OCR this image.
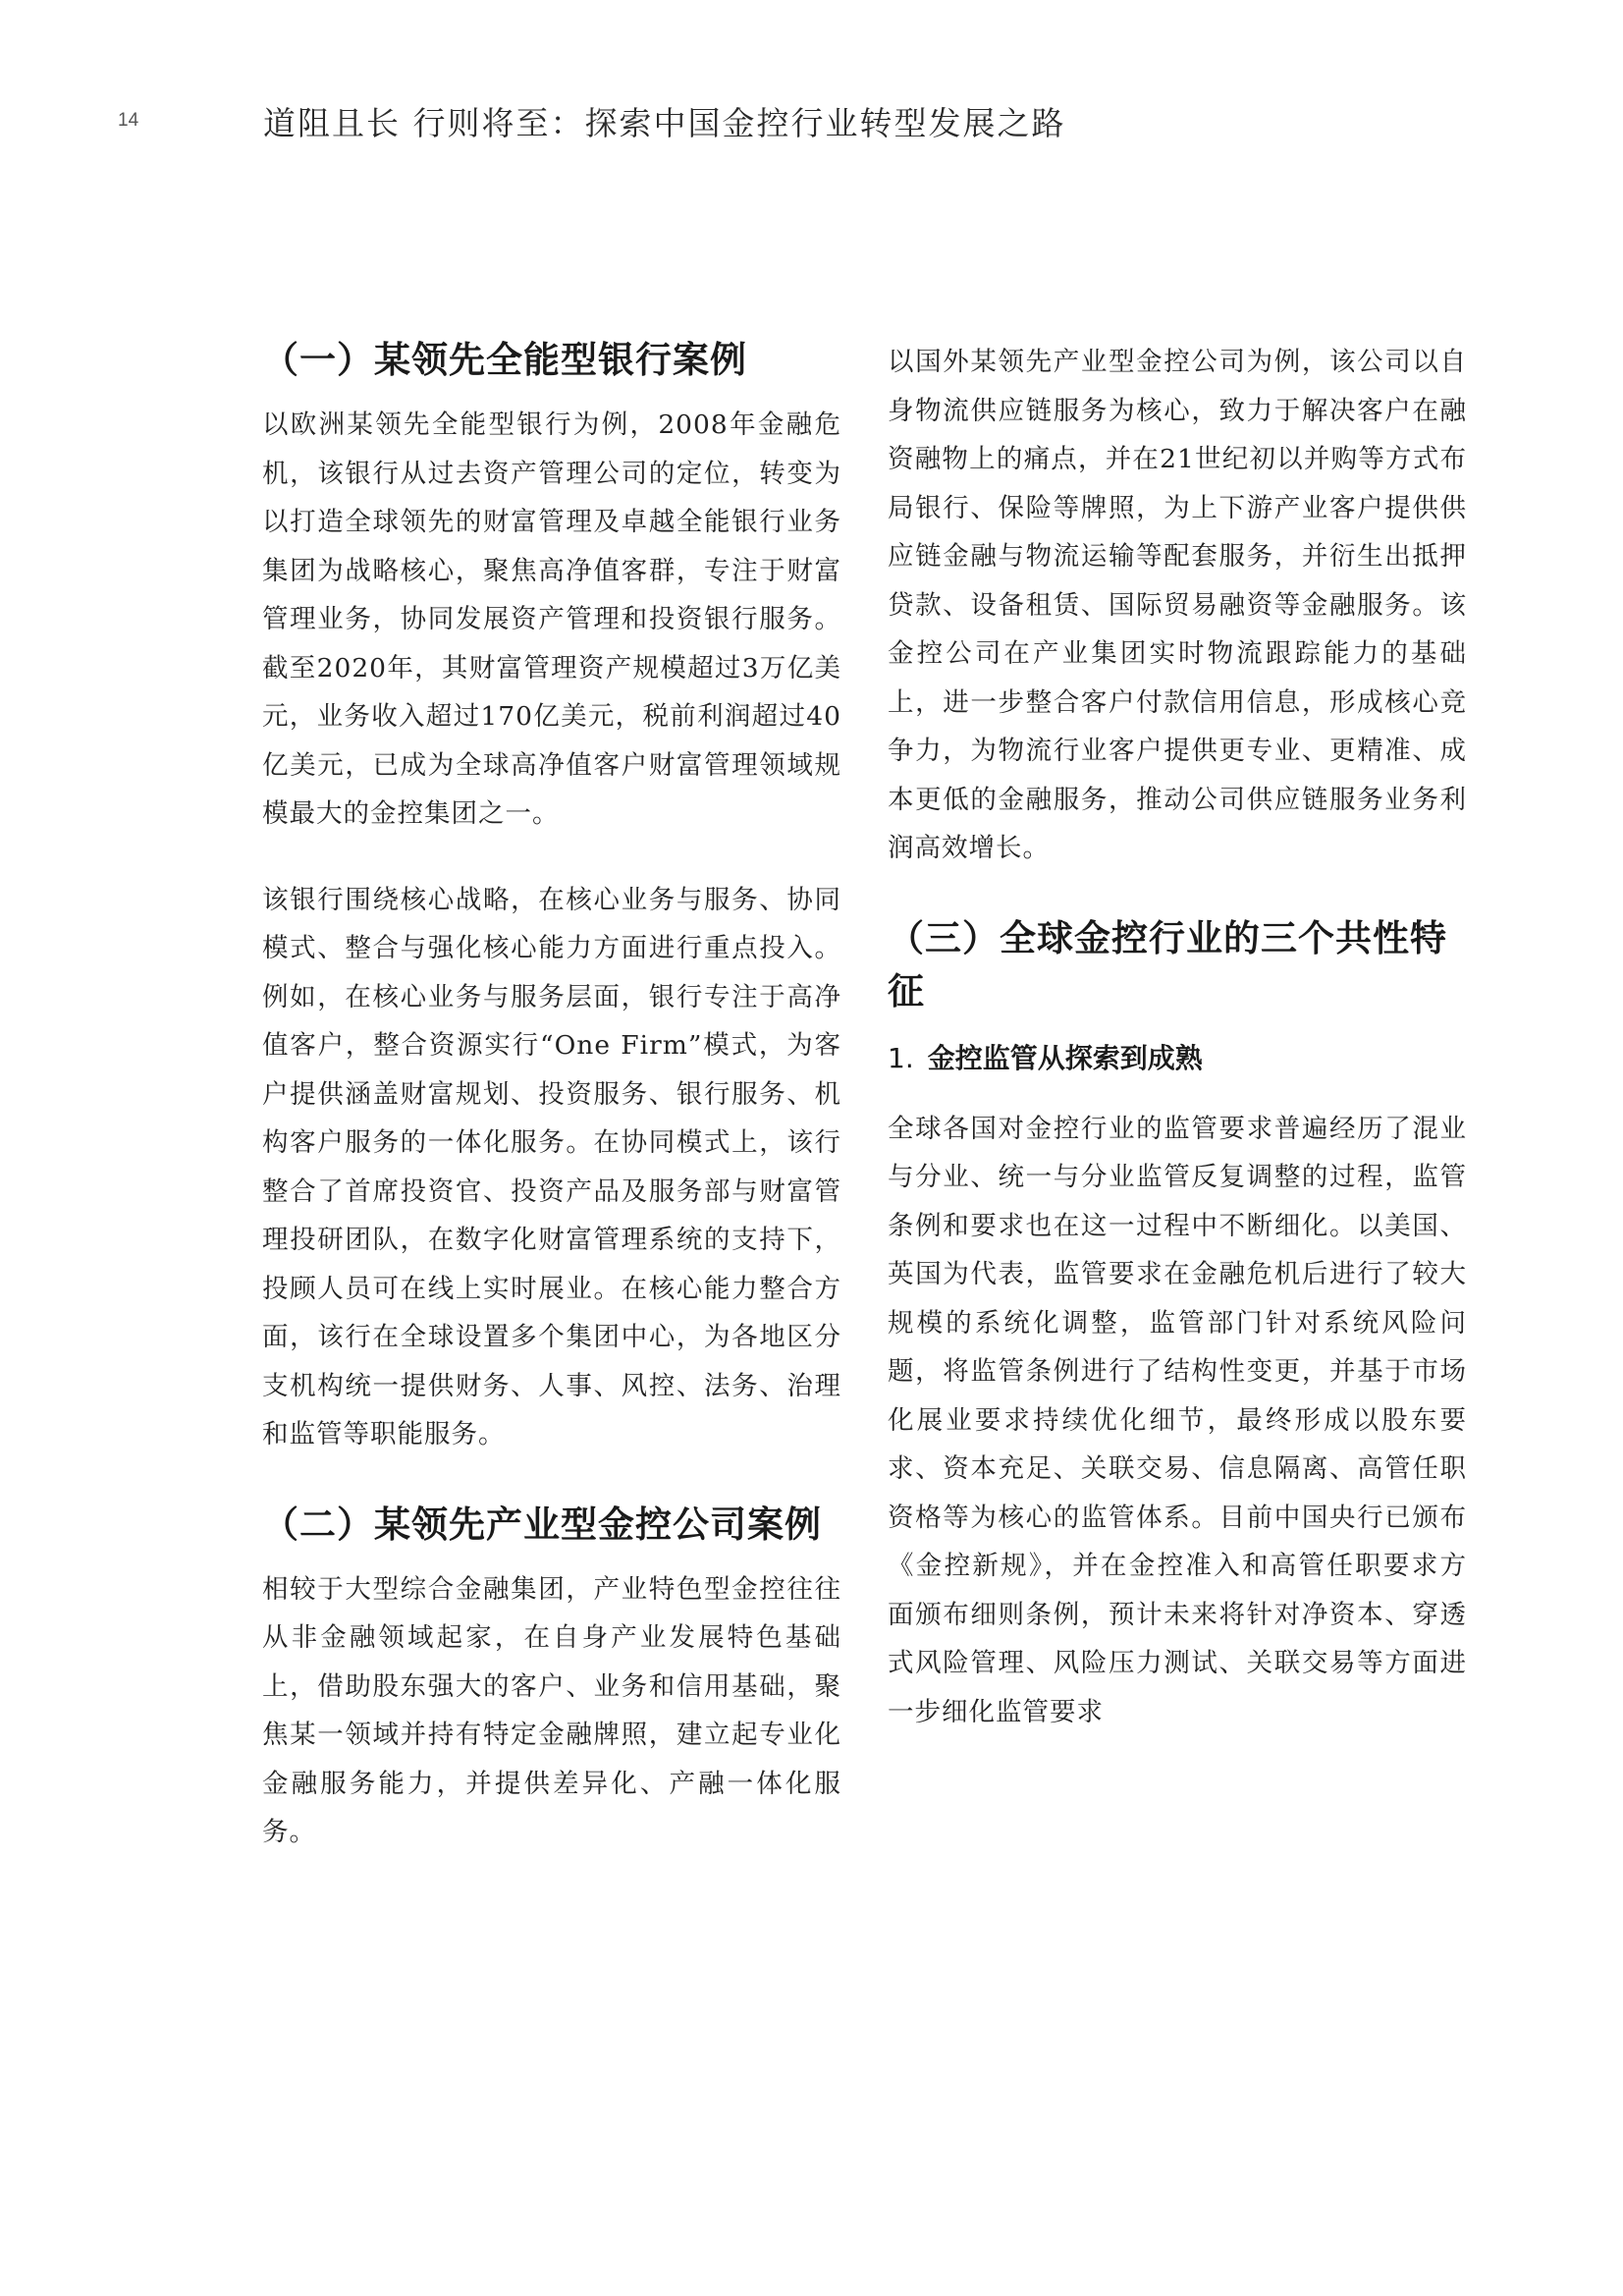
14	道阻且长 行则将至：探索中国金控行业转型发展之路
（一）某领先全能型银行案例

以欧洲某领先全能型银行为例，2008年金融危机，该银行从过去资产管理公司的定位，转变为以打造全球领先的财富管理及卓越全能银行业务集团为战略核心，聚焦高净值客群，专注于财富管理业务，协同发展资产管理和投资银行服务。截至2020年，其财富管理资产规模超过3万亿美元，业务收入超过170亿美元，税前利润超过40亿美元，已成为全球高净值客户财富管理领域规模最大的金控集团之一。

该银行围绕核心战略，在核心业务与服务、协同模式、整合与强化核心能力方面进行重点投入。例如，在核心业务与服务层面，银行专注于高净值客户，整合资源实行“One Firm”模式，为客户提供涵盖财富规划、投资服务、银行服务、机构客户服务的一体化服务。在协同模式上，该行整合了首席投资官、投资产品及服务部与财富管理投研团队，在数字化财富管理系统的支持下，投顾人员可在线上实时展业。在核心能力整合方面，该行在全球设置多个集团中心，为各地区分支机构统一提供财务、人事、风控、法务、治理和监管等职能服务。

（二）某领先产业型金控公司案例

相较于大型综合金融集团，产业特色型金控往往从非金融领域起家，在自身产业发展特色基础上，借助股东强大的客户、业务和信用基础，聚焦某一领域并持有特定金融牌照，建立起专业化金融服务能力，并提供差异化、产融一体化服务。

以国外某领先产业型金控公司为例，该公司以自身物流供应链服务为核心，致力于解决客户在融资融物上的痛点，并在21世纪初以并购等方式布局银行、保险等牌照，为上下游产业客户提供供应链金融与物流运输等配套服务，并衍生出抵押贷款、设备租赁、国际贸易融资等金融服务。该金控公司在产业集团实时物流跟踪能力的基础上，进一步整合客户付款信用信息，形成核心竞争力，为物流行业客户提供更专业、更精准、成本更低的金融服务，推动公司供应链服务业务利润高效增长。

（三）全球金控行业的三个共性特征
1. 金控监管从探索到成熟

全球各国对金控行业的监管要求普遍经历了混业与分业、统一与分业监管反复调整的过程，监管条例和要求也在这一过程中不断细化。以美国、英国为代表，监管要求在金融危机后进行了较大规模的系统化调整，监管部门针对系统风险问题，将监管条例进行了结构性变更，并基于市场化展业要求持续优化细节，最终形成以股东要求、资本充足、关联交易、信息隔离、高管任职资格等为核心的监管体系。目前中国央行已颁布《金控新规》，并在金控准入和高管任职要求方面颁布细则条例，预计未来将针对净资本、穿透式风险管理、风险压力测试、关联交易等方面进一步细化监管要求
